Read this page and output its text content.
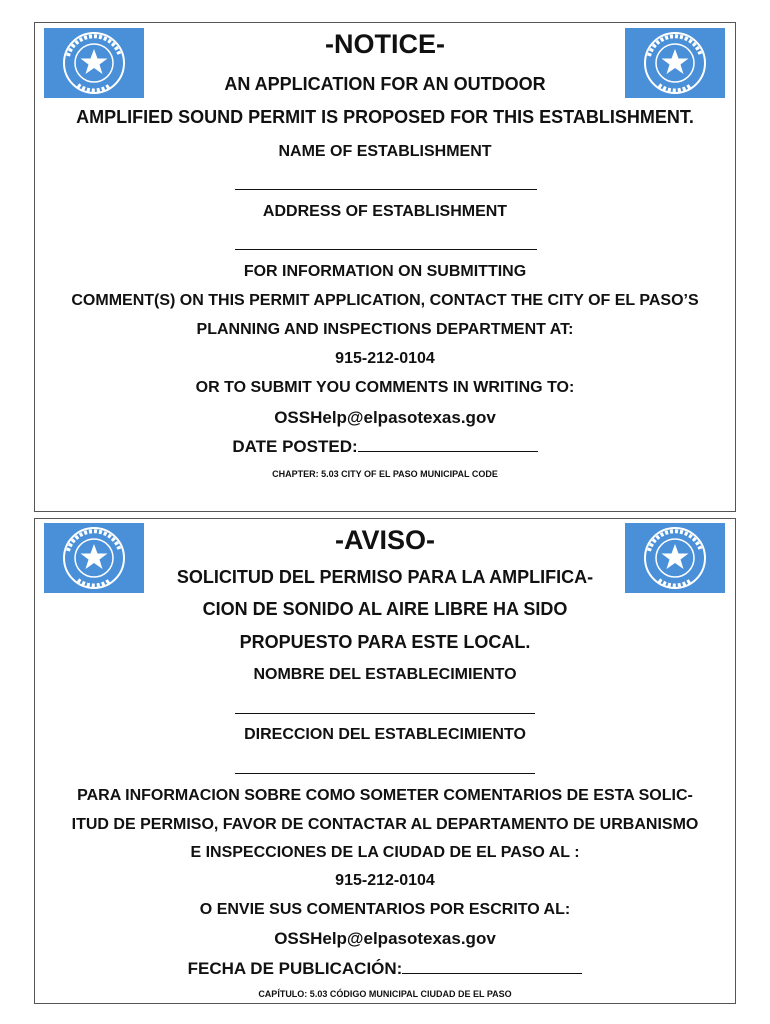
-NOTICE-
AN APPLICATION FOR AN OUTDOOR
AMPLIFIED SOUND PERMIT IS PROPOSED FOR THIS ESTABLISHMENT.
NAME OF ESTABLISHMENT
ADDRESS OF ESTABLISHMENT
FOR INFORMATION ON SUBMITTING
COMMENT(S) ON THIS PERMIT APPLICATION, CONTACT THE CITY OF EL PASO’S
PLANNING AND INSPECTIONS DEPARTMENT AT:
915-212-0104
OR TO SUBMIT YOU COMMENTS IN WRITING TO:
OSSHelp@elpasotexas.gov
DATE POSTED:
CHAPTER: 5.03 CITY OF EL PASO MUNICIPAL CODE
-AVISO-
SOLICITUD DEL PERMISO PARA LA AMPLIFICA-
CION DE SONIDO AL AIRE LIBRE HA SIDO
PROPUESTO PARA ESTE LOCAL.
NOMBRE DEL ESTABLECIMIENTO
DIRECCION DEL ESTABLECIMIENTO
PARA INFORMACION SOBRE COMO SOMETER COMENTARIOS DE ESTA SOLIC-
ITUD DE PERMISO, FAVOR DE CONTACTAR AL DEPARTAMENTO DE URBANISMO
E INSPECCIONES DE LA CIUDAD DE EL PASO AL :
915-212-0104
O ENVIE SUS COMENTARIOS POR ESCRITO AL:
OSSHelp@elpasotexas.gov
FECHA DE PUBLICACIÓN:
CAPÍTULO: 5.03 CÓDIGO MUNICIPAL CIUDAD DE EL PASO
